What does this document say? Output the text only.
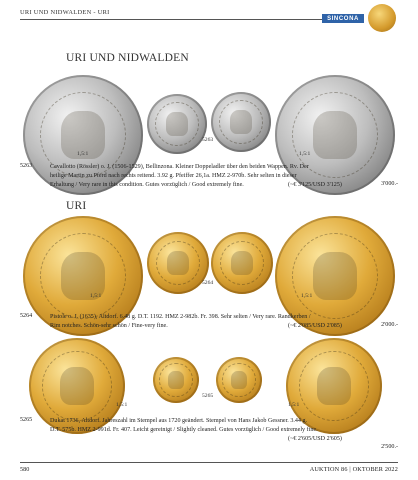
URI UND NIDWALDEN - URI
SINCONA
URI UND NIDWALDEN
5263
1,5:1	1,5:1
5263	Cavallotto (Rössler) o. J. (1506-1529), Bellinzona. Kleiner Doppeladler über den beiden Wappen. Rv. Der
heilige Martin zu Pferd nach rechts reitend. 3.92 g. Pfeiffer 26,1a. HMZ 2-970b. Sehr selten in dieser
Erhaltung / Very rare in this condition. Gutes vorzüglich / Good extremely fine.	(~€ 3'125/USD 3'125)	3'000.-
URI
5264
1,5:1	1,5:1
5264	Pistole o. J. (1635), Altdorf. 6.48 g. D.T. 1192. HMZ 2-982b. Fr. 398. Sehr selten / Very rare. Randkerben /
Rim notches. Schön-sehr schön / Fine-very fine.	(~€ 2'085/USD 2'085)	2'000.-
5265
1,5:1	1,5:1
5265	Dukat 1736, Altdorf. Jahreszahl im Stempel aus 1720 geändert. Stempel von Hans Jakob Gessner. 3.44 g.
D.T. 575b. HMZ 2-991d. Fr. 407. Leicht gereinigt / Slightly cleaned. Gutes vorzüglich / Good extremely fine.
(~€ 2'605/USD 2'605)
2'500.-
580	AUKTION 86 | OKTOBER 2022
